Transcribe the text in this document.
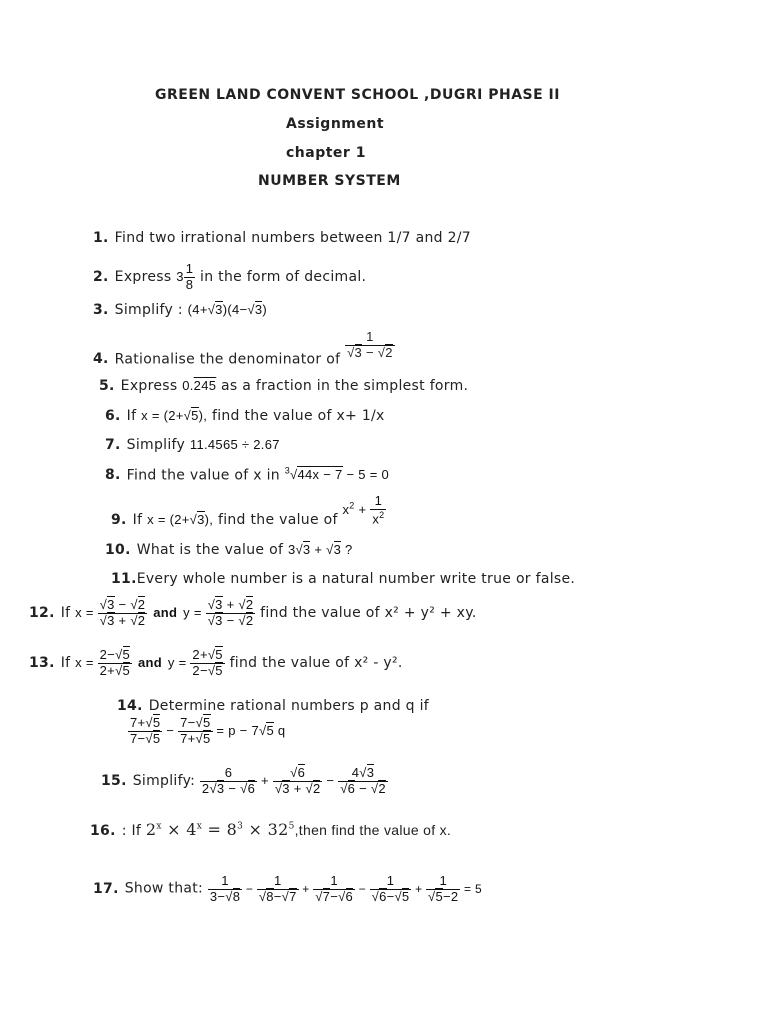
GREEN LAND CONVENT SCHOOL ,DUGRI PHASE II
Assignment
chapter 1
NUMBER SYSTEM
1. Find two irrational numbers between 1/7 and 2/7
2. Express $3 \frac{1}{8}$ in the form of decimal.
3. Simplify : (4+√3)(4−√3)
4. Rationalise the denominator of $\frac{1}{√3 - √2}$
5. Express 0.245 as a fraction in the simplest form.
6. If x = (2+√5), find the value of x+ 1/x
7. Simplify 11.4565 ÷ 2.67
8. Find the value of x in $^3$√44x − 7 − 5 = 0
9. If x = (2+√3), find the value of $x^2 + \frac{1}{x^2}$
10. What is the value of 3√3 + √3 ?
11.Every whole number is a natural number write true or false.
12. If $x = \frac{√3 - √2}{√3 + √2}$ and $y = \frac{√3 + √2}{√3 - √2}$ find the value of x² + y² + xy.
13. If $x = \frac{2-√5}{2+√5}$ and $y = \frac{2+√5}{2-√5}$ find the value of x² - y².
14. Determine rational numbers p and q if
$\frac{7+√5}{7-√5} - \frac{7-√5}{7+√5} = p - 7√5$ q
15. Simplify: $\frac{6}{2√3 - √6} + \frac{√6}{√3 + √2} - \frac{4√3}{√6 - √2}$
16. : If $2^x \times 4^x = 8^3$ × $32^5,then$ find the value of x.
17. Show that: $\frac{1}{3-√8} - \frac{1}{√8-√7} + \frac{1}{√7-√6} - \frac{1}{√6-√5} + \frac{1}{√5-2} = 5$
